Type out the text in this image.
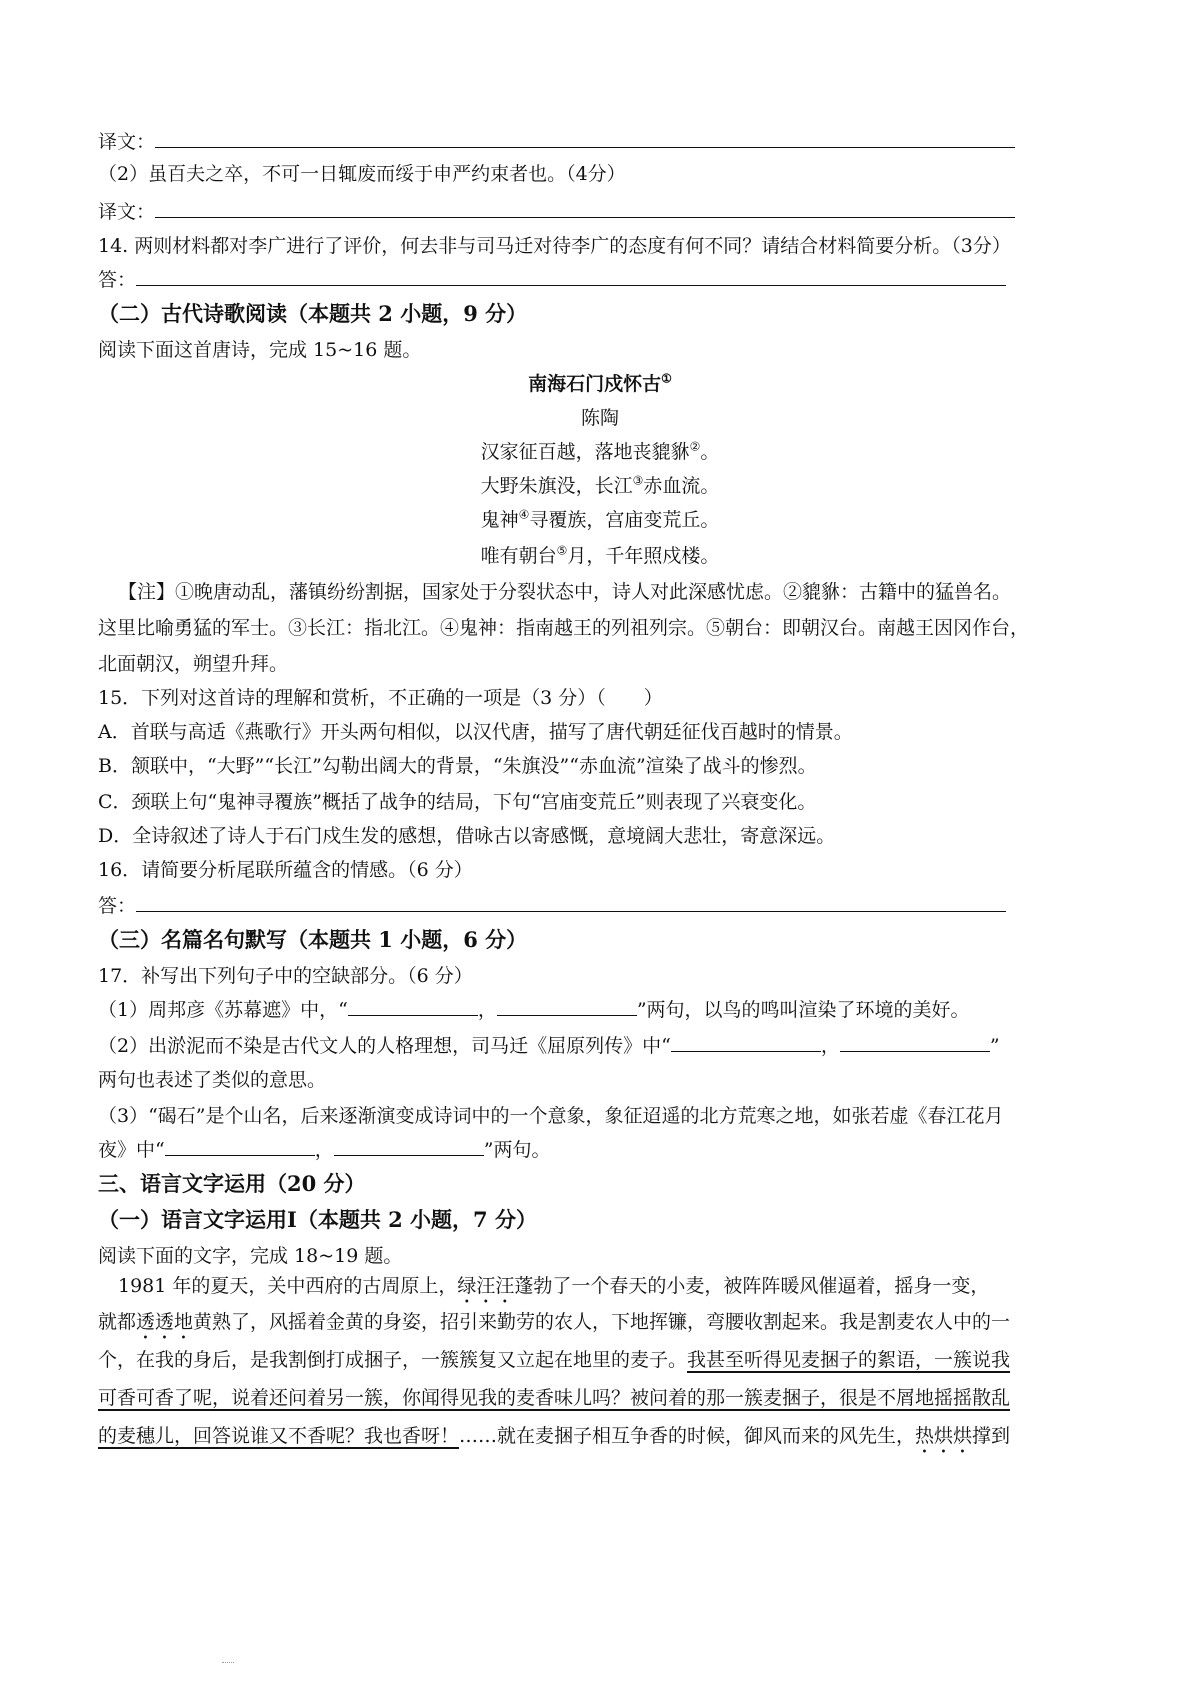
译文：
（2）虽百夫之卒，不可一日辄废而绥于申严约束者也。（4分）
译文：
14. 两则材料都对李广进行了评价，何去非与司马迁对待李广的态度有何不同？请结合材料简要分析。（3分）
答：
（二）古代诗歌阅读（本题共 2 小题，9 分）
阅读下面这首唐诗，完成 15~16 题。
南海石门戍怀古①
陈陶
汉家征百越，落地丧貔貅②。
大野朱旗没，长江③赤血流。
鬼神④寻覆族，宫庙变荒丘。
唯有朝台⑤月，千年照戍楼。
【注】①晚唐动乱，藩镇纷纷割据，国家处于分裂状态中，诗人对此深感忧虑。②貔貅：古籍中的猛兽名。
这里比喻勇猛的军士。③长江：指北江。④鬼神：指南越王的列祖列宗。⑤朝台：即朝汉台。南越王因冈作台，
北面朝汉，朔望升拜。
15．下列对这首诗的理解和赏析，不正确的一项是（3 分）（　　）
A．首联与高适《燕歌行》开头两句相似，以汉代唐，描写了唐代朝廷征伐百越时的情景。
B．颔联中，“大野”“长江”勾勒出阔大的背景，“朱旗没”“赤血流”渲染了战斗的惨烈。
C．颈联上句“鬼神寻覆族”概括了战争的结局，下句“宫庙变荒丘”则表现了兴衰变化。
D．全诗叙述了诗人于石门戍生发的感想，借咏古以寄感慨，意境阔大悲壮，寄意深远。
16．请简要分析尾联所蕴含的情感。（6 分）
答：
（三）名篇名句默写（本题共 1 小题，6 分）
17．补写出下列句子中的空缺部分。（6 分）
（1）周邦彦《苏幕遮》中，“	，	”两句，以鸟的鸣叫渲染了环境的美好。
（2）出淤泥而不染是古代文人的人格理想，司马迁《屈原列传》中“	，	”
两句也表述了类似的意思。
（3）“碣石”是个山名，后来逐渐演变成诗词中的一个意象，象征迢遥的北方荒寒之地，如张若虚《春江花月
夜》中“	，	”两句。
三、语言文字运用（20 分）
（一）语言文字运用Ⅰ（本题共 2 小题，7 分）
阅读下面的文字，完成 18~19 题。
1981 年的夏天，关中西府的古周原上，绿汪汪蓬勃了一个春天的小麦，被阵阵暖风催逼着，摇身一变，
就都透透地黄熟了，风摇着金黄的身姿，招引来勤劳的农人，下地挥镰，弯腰收割起来。我是割麦农人中的一
个，在我的身后，是我割倒打成捆子，一簇簇复又立起在地里的麦子。我甚至听得见麦捆子的絮语，一簇说我
可香可香了呢，说着还问着另一簇，你闻得见我的麦香味儿吗？被问着的那一簇麦捆子，很是不屑地摇摇散乱
的麦穗儿，回答说谁又不香呢？我也香呀！……就在麦捆子相互争香的时候，御风而来的风先生，热烘烘撑到
